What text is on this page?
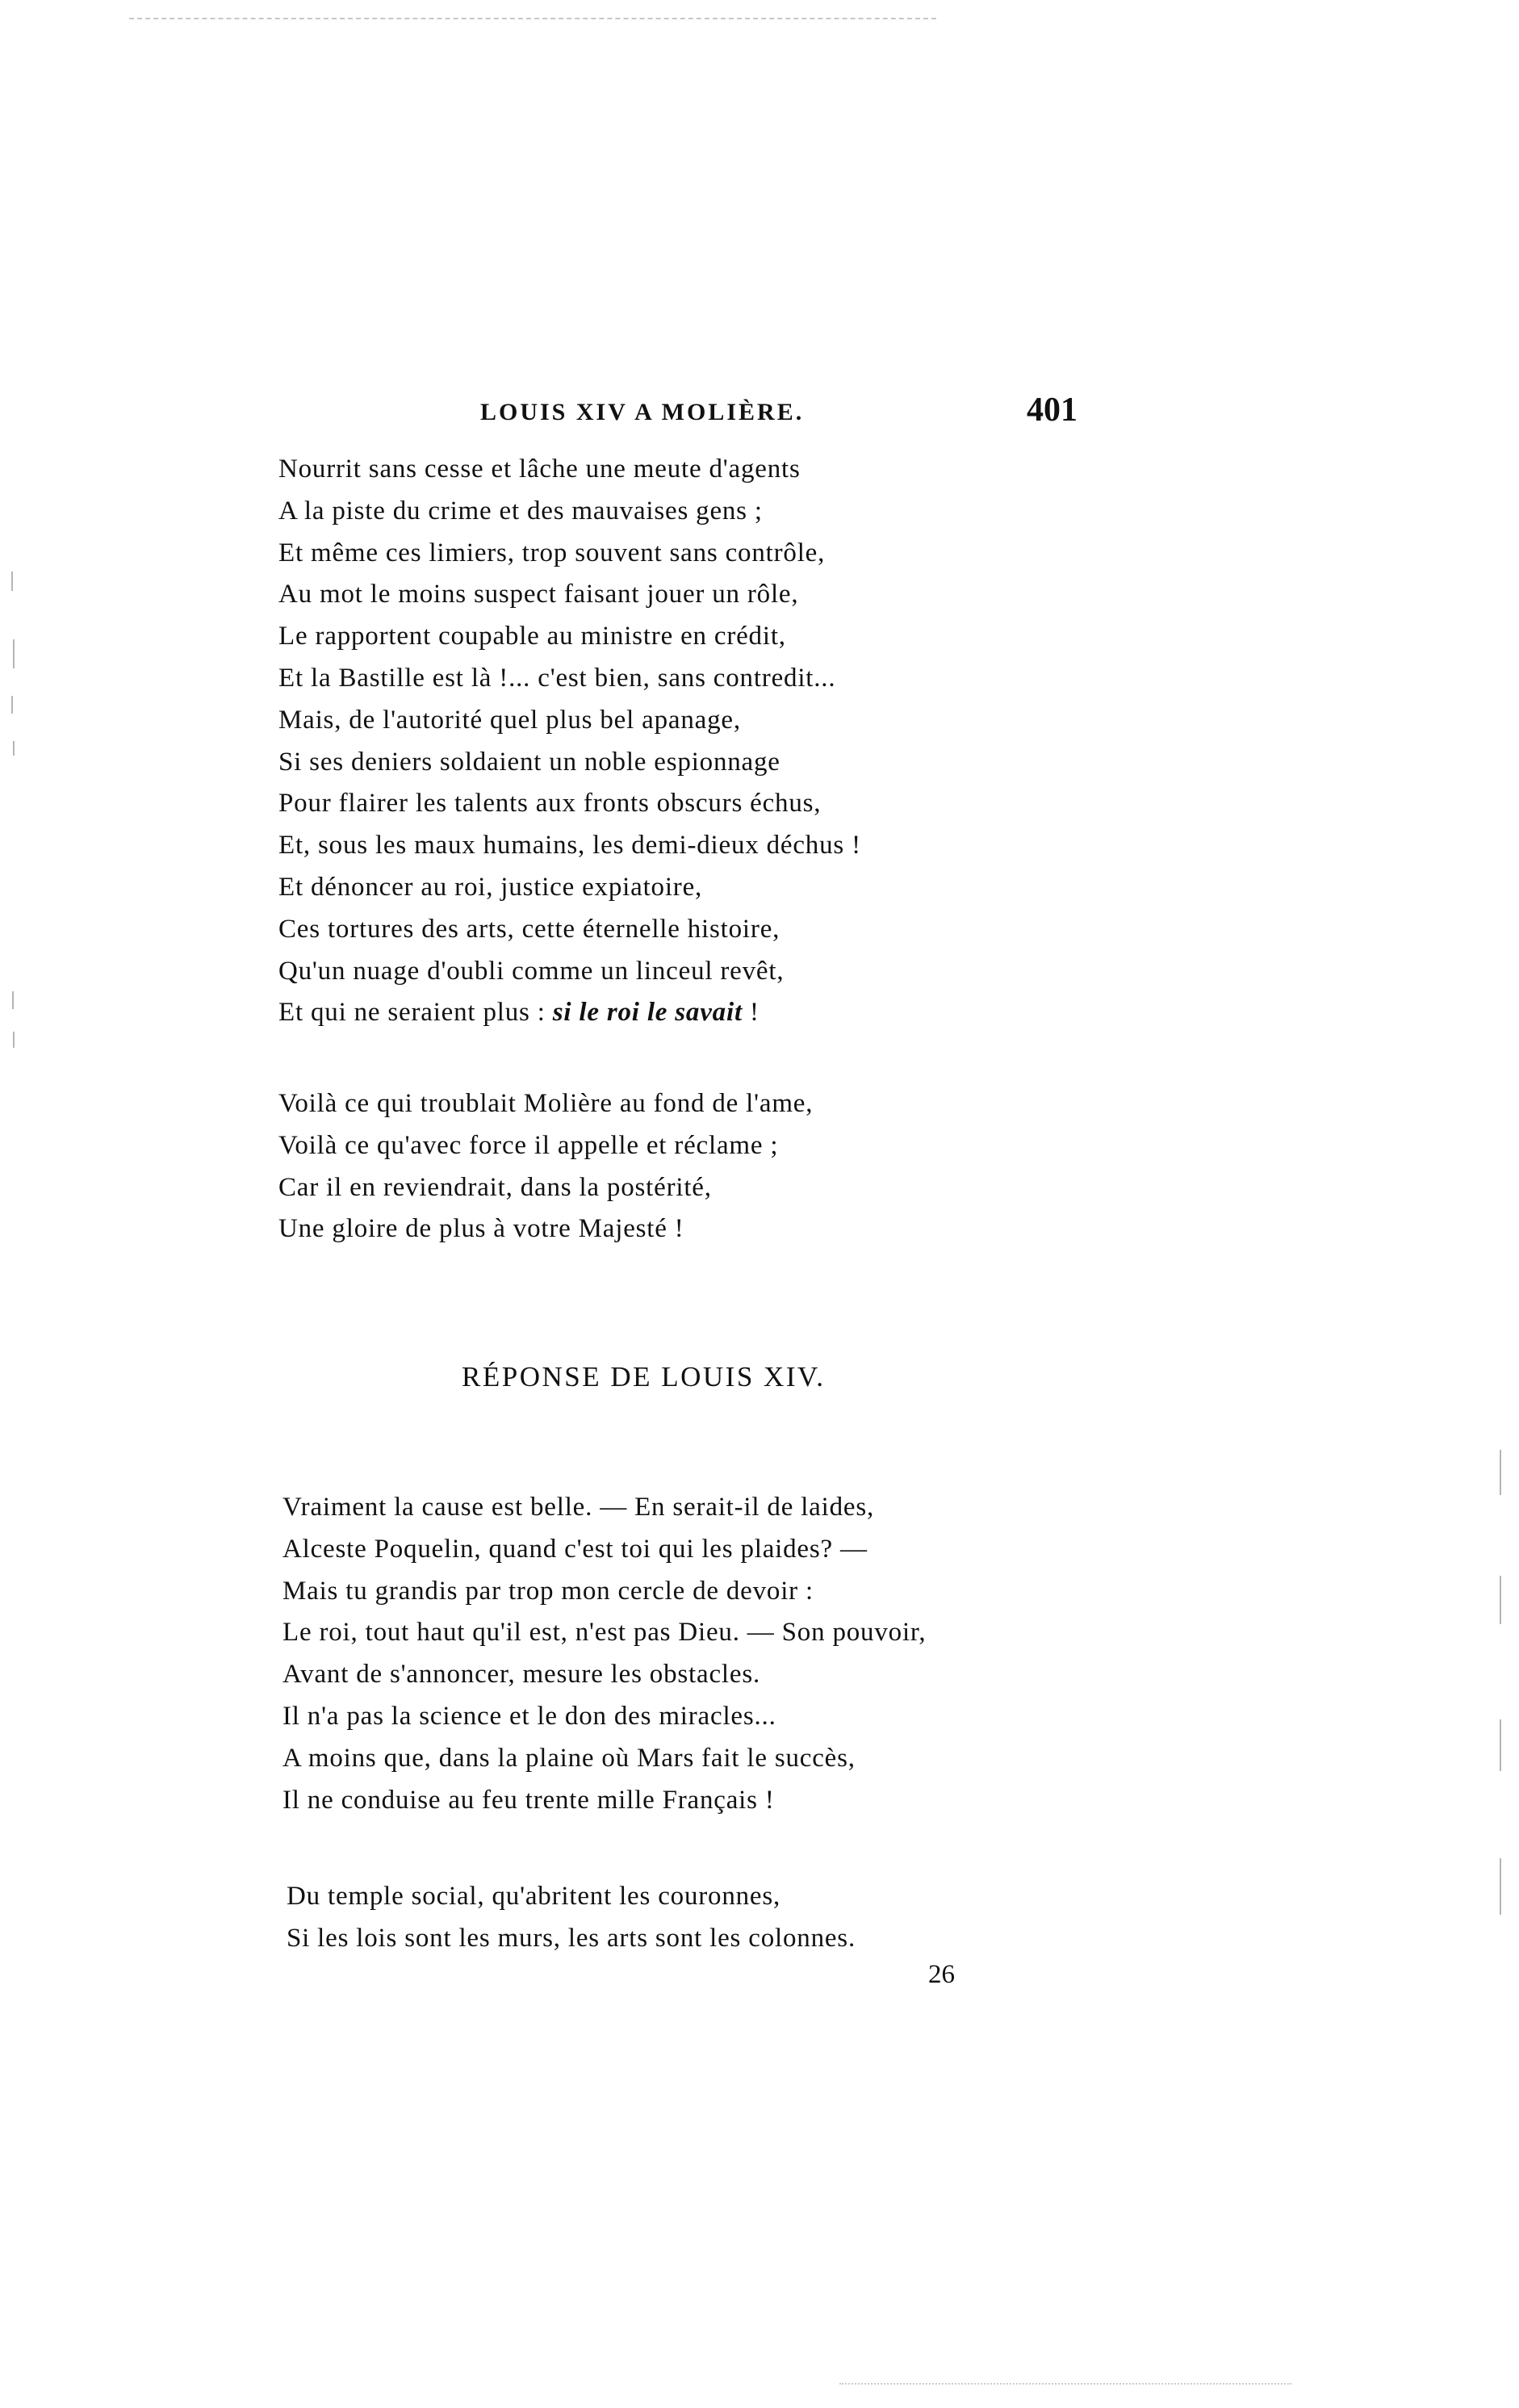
LOUIS XIV A MOLIÈRE.	401
Nourrit sans cesse et lâche une meute d'agents
A la piste du crime et des mauvaises gens ;
Et même ces limiers, trop souvent sans contrôle,
Au mot le moins suspect faisant jouer un rôle,
Le rapportent coupable au ministre en crédit,
Et la Bastille est là !... c'est bien, sans contredit...
Mais, de l'autorité quel plus bel apanage,
Si ses deniers soldaient un noble espionnage
Pour flairer les talents aux fronts obscurs échus,
Et, sous les maux humains, les demi-dieux déchus !
Et dénoncer au roi, justice expiatoire,
Ces tortures des arts, cette éternelle histoire,
Qu'un nuage d'oubli comme un linceul revêt,
Et qui ne seraient plus : si le roi le savait !
Voilà ce qui troublait Molière au fond de l'ame,
Voilà ce qu'avec force il appelle et réclame ;
Car il en reviendrait, dans la postérité,
Une gloire de plus à votre Majesté !
RÉPONSE DE LOUIS XIV.
Vraiment la cause est belle. — En serait-il de laides,
Alceste Poquelin, quand c'est toi qui les plaides? —
Mais tu grandis par trop mon cercle de devoir :
Le roi, tout haut qu'il est, n'est pas Dieu. — Son pouvoir,
Avant de s'annoncer, mesure les obstacles.
Il n'a pas la science et le don des miracles...
A moins que, dans la plaine où Mars fait le succès,
Il ne conduise au feu trente mille Français !
Du temple social, qu'abritent les couronnes,
Si les lois sont les murs, les arts sont les colonnes.
26
